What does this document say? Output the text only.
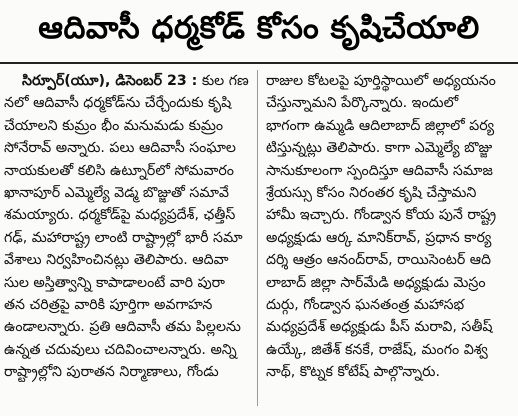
ఆదివాసీ ధర్మకోడ్ కోసం కృషిచేయాలి
సిర్పూర్(యూ), డిసెంబర్ 23 : కుల గణ
నలో ఆదివాసీ ధర్మకోడ్‌ను చేర్చేందుకు కృషి
చేయాలని కుమ్రం భీం మనుమడు కుమ్రం
సోనేరావ్ అన్నారు. పలు ఆదివాసీ సంఘాల
నాయకులతో కలిసి ఉట్నూర్‌లో సోమవారం
ఖానాపూర్ ఎమ్మెల్యే వెడ్మ బొజ్జుతో సమావే
శమయ్యారు. ధర్మకోడ్‌పై మధ్యప్రదేశ్, ఛత్తీస్
గఢ్, మహారాష్ట్ర లాంటి రాష్ట్రాల్లో భారీ సమా
వేశాలు నిర్వహించినట్లు తెలిపారు. ఆదివా
సుల అస్తిత్వాన్ని కాపాడాలంటే వారి పురా
తన చరిత్రపై వారికి పూర్తిగా అవగాహన
ఉండాలన్నారు. ప్రతి ఆదివాసీ తమ పిల్లలను
ఉన్నత చదువులు చదివించాలన్నారు. అన్ని
రాష్ట్రాల్లోని పురాతన నిర్మాణాలు, గోండు
రాజుల కోటలపై పూర్తిస్థాయిలో అధ్యయనం
చేస్తున్నామని పేర్కొన్నారు. ఇందులో
భాగంగా ఉమ్మడి ఆదిలాబాద్ జిల్లాలో పర్య
టిస్తున్నట్లు తెలిపారు. కాగా ఎమ్మెల్యే బొజ్జు
సానుకూలంగా స్పందిస్తూ ఆదివాసీ సమాజ
శ్రేయస్సు కోసం నిరంతర కృషి చేస్తామని
హామీ ఇచ్చారు. గోండ్వాన కోయ పునే రాష్ట్ర
అధ్యక్షుడు ఆర్క మానిక్‌రావ్, ప్రధాన కార్య
దర్శి ఆత్రం ఆనంద్‌రావ్, రాయిసెంటర్ ఆది
లాబాద్ జిల్లా సార్‌మేడి అధ్యక్షుడు మెస్రం
దుర్గు, గోండ్వాన ఘనతంత్ర మహాసభ
మధ్యప్రదేశ్ అధ్యక్షుడు పీస్ మరావి, సతీష్
ఉయ్కే, జితేశ్ కనకే, రాజేష్, మంగం విశ్వ
నాథ్, కొట్నక కోటేష్ పాల్గొన్నారు.
